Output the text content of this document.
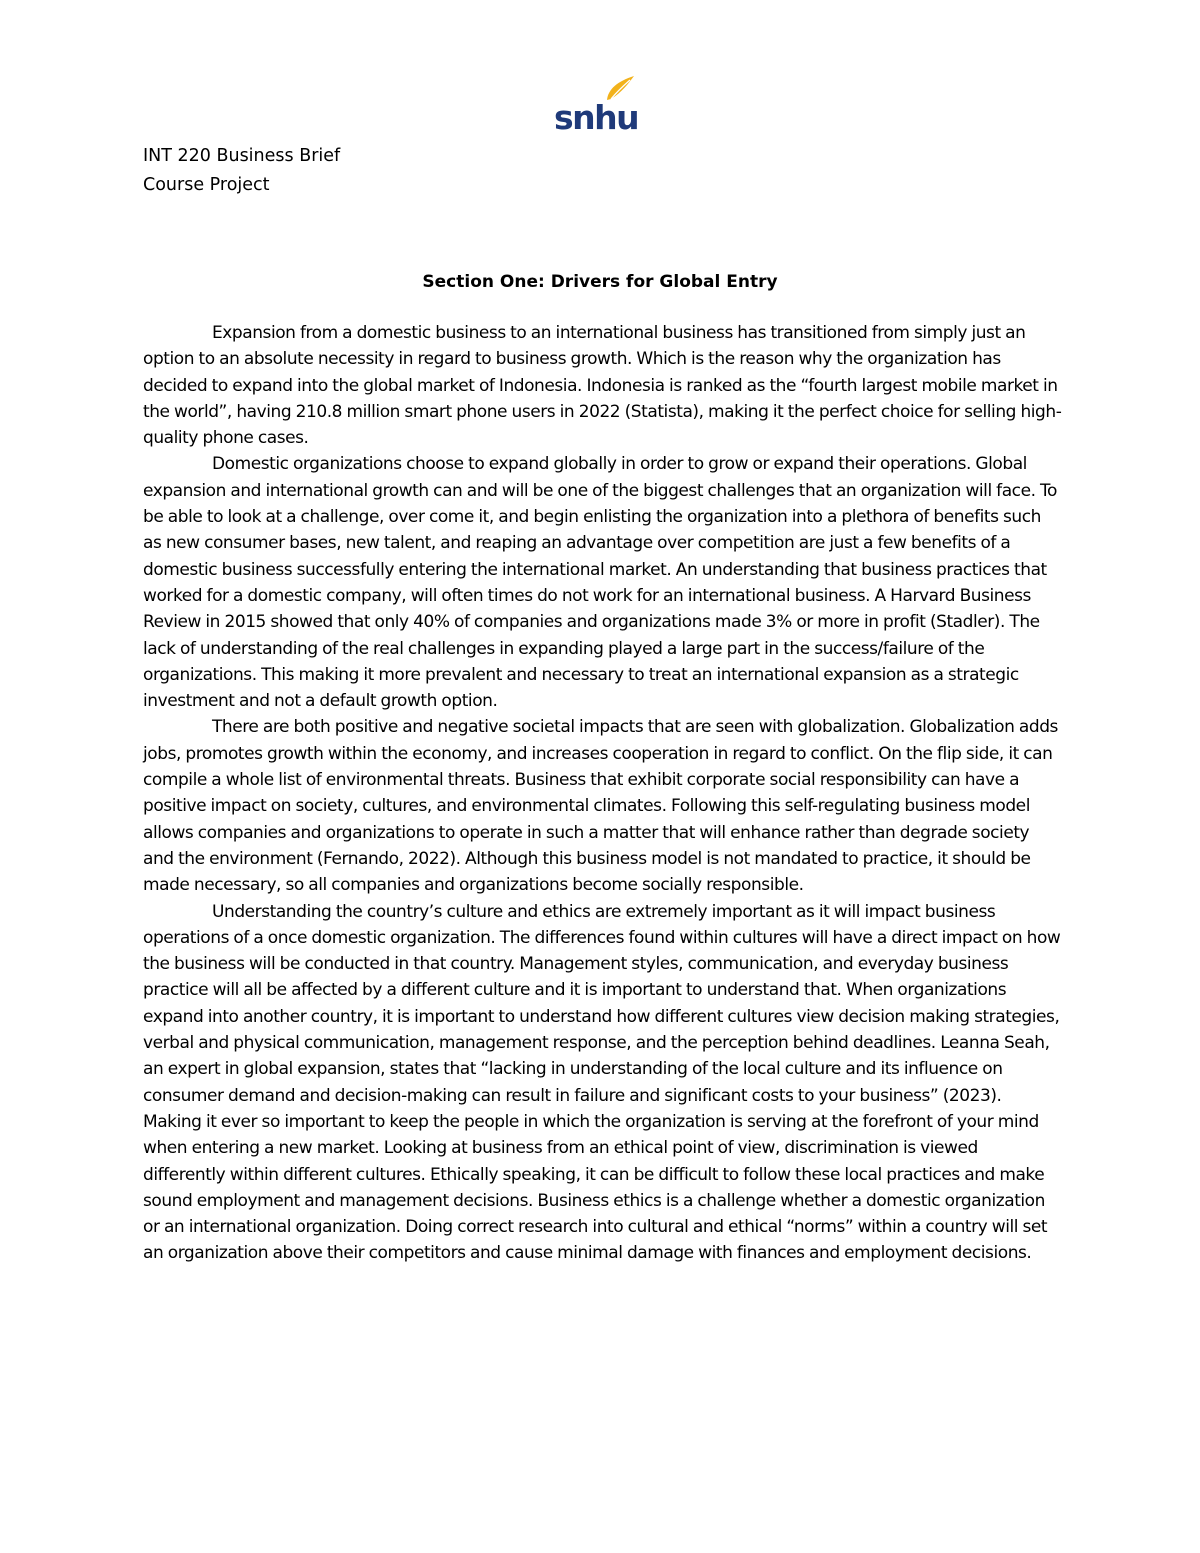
snhu
INT 220 Business Brief
Course Project
Section One: Drivers for Global Entry

Expansion from a domestic business to an international business has transitioned from simply just an option to an absolute necessity in regard to business growth. Which is the reason why the organization has decided to expand into the global market of Indonesia. Indonesia is ranked as the “fourth largest mobile market in the world”, having 210.8 million smart phone users in 2022 (Statista), making it the perfect choice for selling high-quality phone cases.

Domestic organizations choose to expand globally in order to grow or expand their operations. Global expansion and international growth can and will be one of the biggest challenges that an organization will face. To be able to look at a challenge, over come it, and begin enlisting the organization into a plethora of benefits such as new consumer bases, new talent, and reaping an advantage over competition are just a few benefits of a domestic business successfully entering the international market. An understanding that business practices that worked for a domestic company, will often times do not work for an international business. A Harvard Business Review in 2015 showed that only 40% of companies and organizations made 3% or more in profit (Stadler). The lack of understanding of the real challenges in expanding played a large part in the success/failure of the organizations. This making it more prevalent and necessary to treat an international expansion as a strategic investment and not a default growth option.

There are both positive and negative societal impacts that are seen with globalization. Globalization adds jobs, promotes growth within the economy, and increases cooperation in regard to conflict. On the flip side, it can compile a whole list of environmental threats. Business that exhibit corporate social responsibility can have a positive impact on society, cultures, and environmental climates. Following this self-regulating business model allows companies and organizations to operate in such a matter that will enhance rather than degrade society and the environment (Fernando, 2022). Although this business model is not mandated to practice, it should be made necessary, so all companies and organizations become socially responsible.

Understanding the country’s culture and ethics are extremely important as it will impact business operations of a once domestic organization. The differences found within cultures will have a direct impact on how the business will be conducted in that country. Management styles, communication, and everyday business practice will all be affected by a different culture and it is important to understand that. When organizations expand into another country, it is important to understand how different cultures view decision making strategies, verbal and physical communication, management response, and the perception behind deadlines. Leanna Seah, an expert in global expansion, states that “lacking in understanding of the local culture and its influence on consumer demand and decision-making can result in failure and significant costs to your business” (2023). Making it ever so important to keep the people in which the organization is serving at the forefront of your mind when entering a new market. Looking at business from an ethical point of view, discrimination is viewed differently within different cultures. Ethically speaking, it can be difficult to follow these local practices and make sound employment and management decisions. Business ethics is a challenge whether a domestic organization or an international organization. Doing correct research into cultural and ethical “norms” within a country will set an organization above their competitors and cause minimal damage with finances and employment decisions.
